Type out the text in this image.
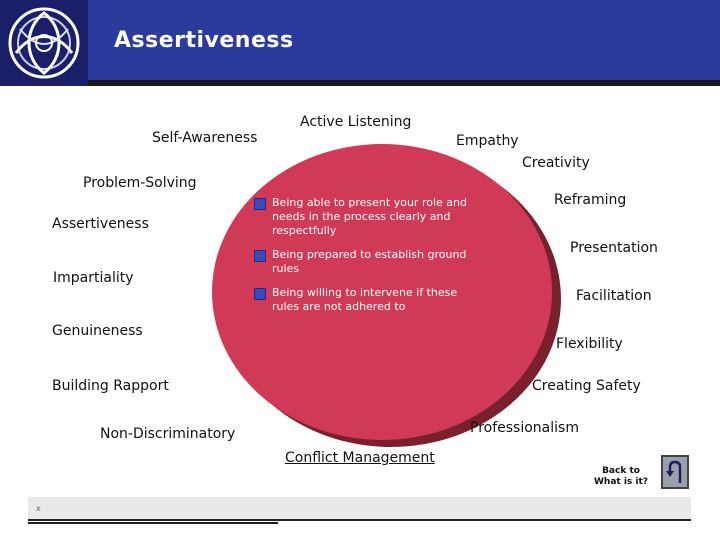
Assertiveness
Being able to present your role and needs in the process clearly and respectfully
Being prepared to establish ground rules
Being willing to intervene if these rules are not adhered to
Active Listening
Self-Awareness	Empathy
Creativity
Problem-Solving
Reframing
Assertiveness
Presentation
Impartiality
Facilitation
Genuineness
Flexibility
Building Rapport	Creating Safety
Professionalism
Non-Discriminatory
Conflict Management
Back to
What is it?
x
